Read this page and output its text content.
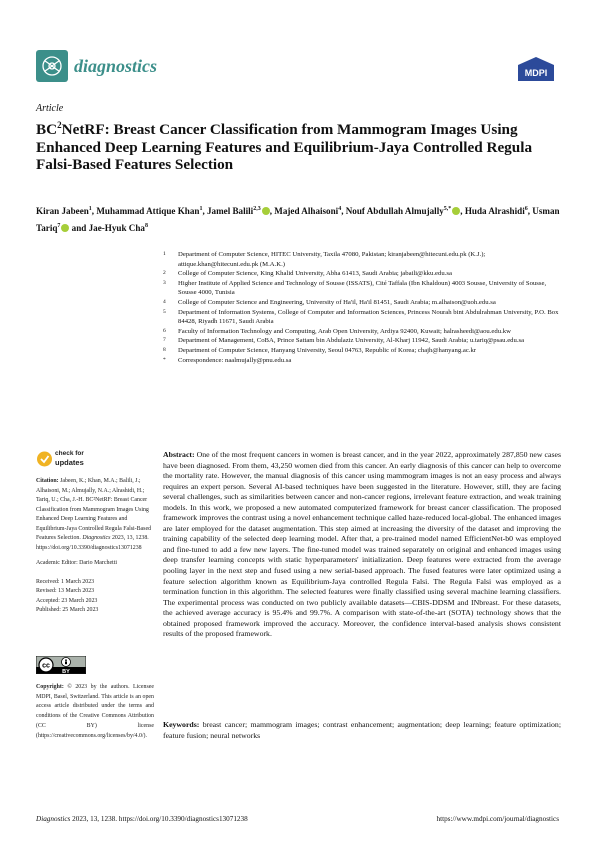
diagnostics	MDPI
Article
$BC^2NetRF$: Breast Cancer Classification from Mammogram Images Using Enhanced Deep Learning Features and Equilibrium-Jaya Controlled Regula Falsi-Based Features Selection
Kiran Jabeen$^1$, Muhammad Attique Khan$^1$, Jamel Balili$^{2,3}$ , Majed Alhaisoni$^4$, Nouf Abdullah Almujally$^{5,*}$ , Huda Alrashidi$^6$, Usman Tariq$^7$ and Jae-Hyuk Cha$^8$
1 Department of Computer Science, HITEC University, Taxila 47080, Pakistan; kiranjabeen@hitecuni.edu.pk (K.J.); attique.khan@hitecuni.edu.pk (M.A.K.)
2 College of Computer Science, King Khalid University, Abha 61413, Saudi Arabia; jabaili@kku.edu.sa
3 Higher Institute of Applied Science and Technology of Sousse (ISSATS), Cité Taffala (Ibn Khaldoun) 4003 Sousse, University of Sousse, Sousse 4000, Tunisia
4 College of Computer Science and Engineering, University of Ha'il, Ha'il 81451, Saudi Arabia; m.alhaison@uoh.edu.sa
5 Department of Information Systems, College of Computer and Information Sciences, Princess Nourah bint Abdulrahman University, P.O. Box 84428, Riyadh 11671, Saudi Arabia
6 Faculty of Information Technology and Computing, Arab Open University, Ardiya 92400, Kuwait; halrasheedi@aou.edu.kw
7 Department of Management, CoBA, Prince Sattam bin Abdulaziz University, Al-Kharj 11942, Saudi Arabia; u.tariq@psau.edu.sa
8 Department of Computer Science, Hanyang University, Seoul 04763, Republic of Korea; chajh@hanyang.ac.kr
* Correspondence: naalmujally@pnu.edu.sa
check for
updates

Citation: Jabeen, K.; Khan, M.A.; Balili, J.; Alhaisoni, M.; Almujally, N.A.; Alrashidi, H.; Tariq, U.; Cha, J.-H. BC²NetRF: Breast Cancer Classification from Mammogram Images Using Enhanced Deep Learning Features and Equilibrium-Jaya Controlled Regula Falsi-Based Features Selection. Diagnostics 2023, 13, 1238. https://doi.org/10.3390/diagnostics13071238

Academic Editor: Dario Marchetti

Received: 1 March 2023
Revised: 13 March 2023
Accepted: 23 March 2023
Published: 25 March 2023
cc
BY
Copyright: © 2023 by the authors. Licensee MDPI, Basel, Switzerland. This article is an open access article distributed under the terms and conditions of the Creative Commons Attribution (CC BY) license (https://creativecommons.org/licenses/by/4.0/).

Abstract: One of the most frequent cancers in women is breast cancer, and in the year 2022, approximately 287,850 new cases have been diagnosed. From them, 43,250 women died from this cancer. An early diagnosis of this cancer can help to overcome the mortality rate. However, the manual diagnosis of this cancer using mammogram images is not an easy process and always requires an expert person. Several AI-based techniques have been suggested in the literature. However, still, they are facing several challenges, such as similarities between cancer and non-cancer regions, irrelevant feature extraction, and weak training models. In this work, we proposed a new automated computerized framework for breast cancer classification. The proposed framework improves the contrast using a novel enhancement technique called haze-reduced local-global. The enhanced images are later employed for the dataset augmentation. This step aimed at increasing the diversity of the dataset and improving the training capability of the selected deep learning model. After that, a pre-trained model named EfficientNet-b0 was employed and fine-tuned to add a few new layers. The fine-tuned model was trained separately on original and enhanced images using deep transfer learning concepts with static hyperparameters' initialization. Deep features were extracted from the average pooling layer in the next step and fused using a new serial-based approach. The fused features were later optimized using a feature selection algorithm known as Equilibrium-Jaya controlled Regula Falsi. The Regula Falsi was employed as a termination function in this algorithm. The selected features were finally classified using several machine learning classifiers. The experimental process was conducted on two publicly available datasets—CBIS-DDSM and INbreast. For these datasets, the achieved average accuracy is 95.4% and 99.7%. A comparison with state-of-the-art (SOTA) technology shows that the obtained proposed framework improved the accuracy. Moreover, the confidence interval-based analysis shows consistent results of the proposed framework.

Keywords: breast cancer; mammogram images; contrast enhancement; augmentation; deep learning; feature optimization; feature fusion; neural networks

Diagnostics 2023, 13, 1238. https://doi.org/10.3390/diagnostics13071238	https://www.mdpi.com/journal/diagnostics
